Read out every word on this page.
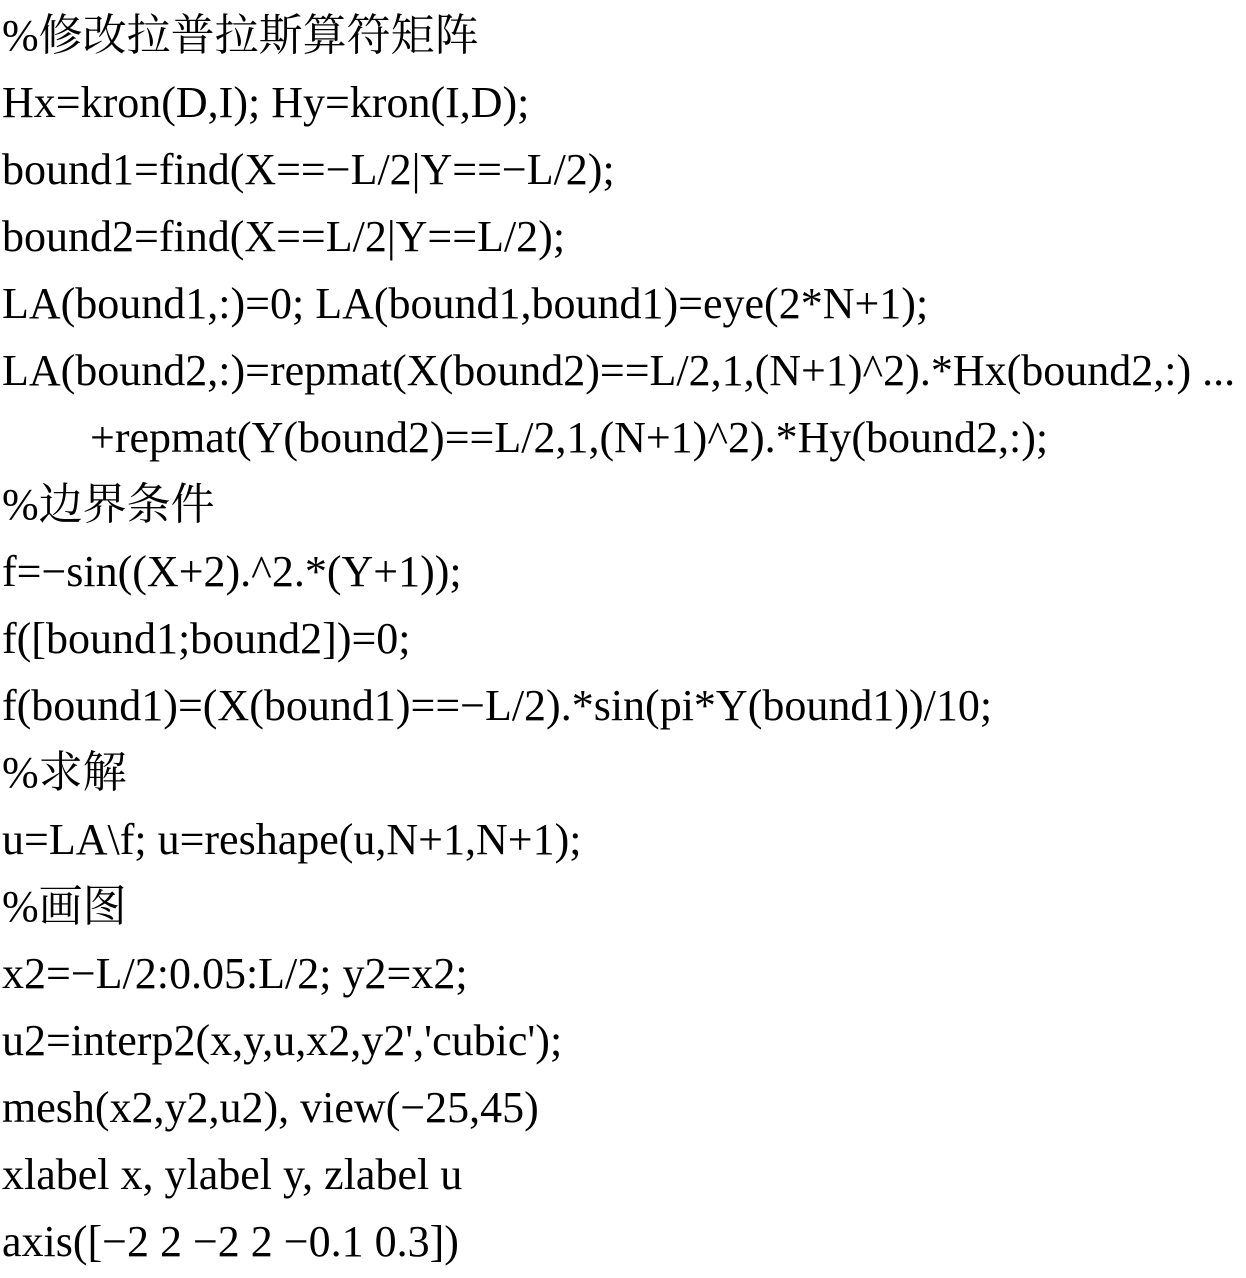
%修改拉普拉斯算符矩阵
Hx=kron(D,I); Hy=kron(I,D);
bound1=find(X==−L/2|Y==−L/2);
bound2=find(X==L/2|Y==L/2);
LA(bound1,:)=0; LA(bound1,bound1)=eye(2*N+1);
LA(bound2,:)=repmat(X(bound2)==L/2,1,(N+1)^2).*Hx(bound2,:) ...
+repmat(Y(bound2)==L/2,1,(N+1)^2).*Hy(bound2,:);
%边界条件
f=−sin((X+2).^2.*(Y+1));
f([bound1;bound2])=0;
f(bound1)=(X(bound1)==−L/2).*sin(pi*Y(bound1))/10;
%求解
u=LA\f; u=reshape(u,N+1,N+1);
%画图
x2=−L/2:0.05:L/2; y2=x2;
u2=interp2(x,y,u,x2,y2','cubic');
mesh(x2,y2,u2), view(−25,45)
xlabel x, ylabel y, zlabel u
axis([−2 2 −2 2 −0.1 0.3])
